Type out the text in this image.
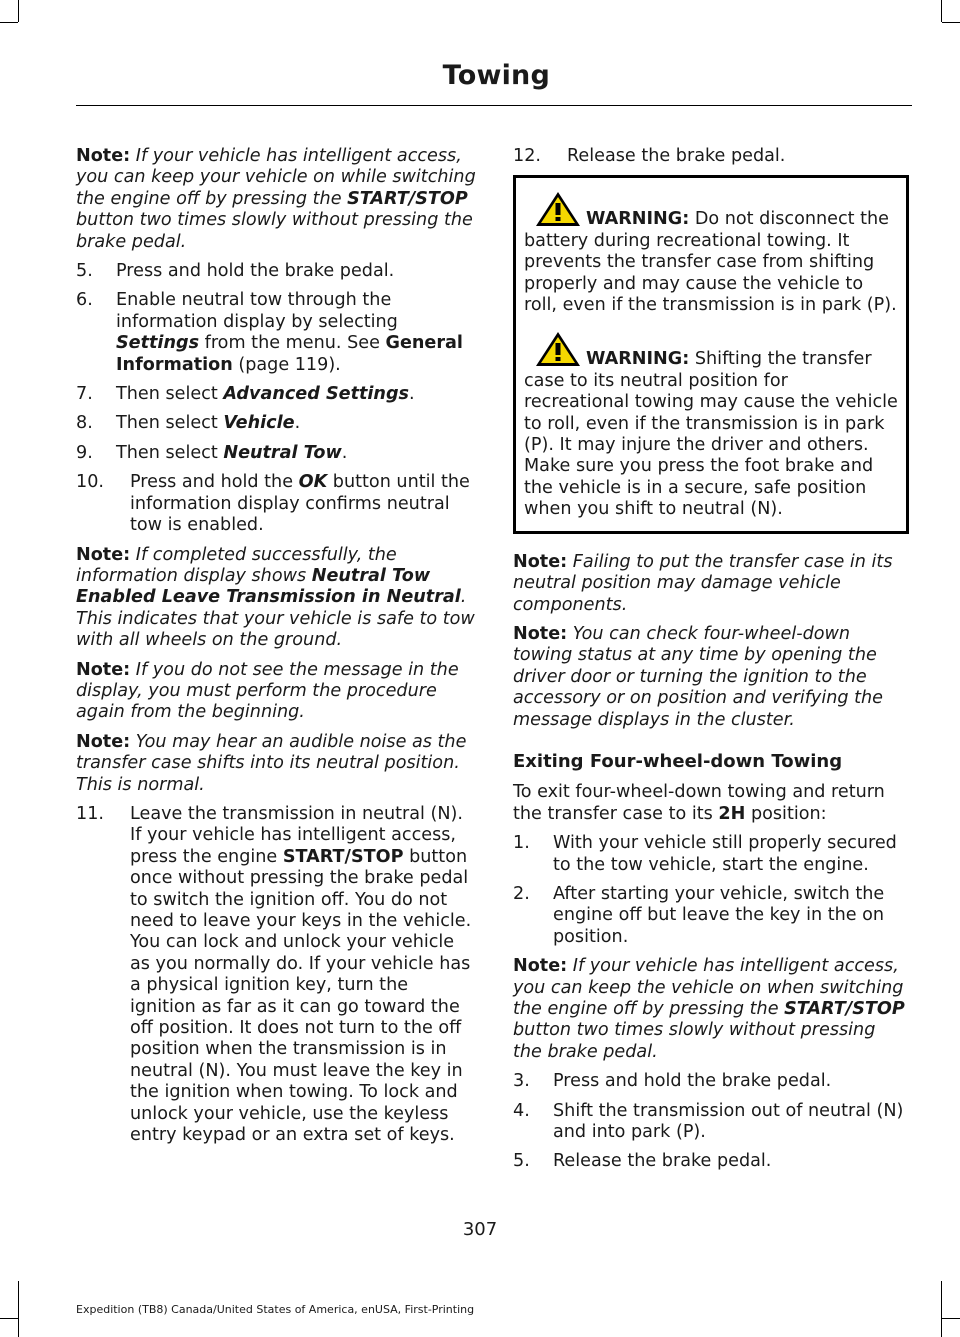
Towing

Note: If your vehicle has intelligent access, you can keep your vehicle on while switching the engine off by pressing the START/STOP button two times slowly without pressing the brake pedal.

5.	Press and hold the brake pedal.
6.	Enable neutral tow through the information display by selecting Settings from the menu. See General Information (page 119).
7.	Then select Advanced Settings.
8.	Then select Vehicle.
9.	Then select Neutral Tow.
10.	Press and hold the OK button until the information display confirms neutral tow is enabled.

Note: If completed successfully, the information display shows Neutral Tow Enabled Leave Transmission in Neutral. This indicates that your vehicle is safe to tow with all wheels on the ground.

Note: If you do not see the message in the display, you must perform the procedure again from the beginning.

Note: You may hear an audible noise as the transfer case shifts into its neutral position. This is normal.

11.	Leave the transmission in neutral (N). If your vehicle has intelligent access, press the engine START/STOP button once without pressing the brake pedal to switch the ignition off. You do not need to leave your keys in the vehicle. You can lock and unlock your vehicle as you normally do. If your vehicle has a physical ignition key, turn the ignition as far as it can go toward the off position. It does not turn to the off position when the transmission is in neutral (N). You must leave the key in the ignition when towing. To lock and unlock your vehicle, use the keyless entry keypad or an extra set of keys.
12.	Release the brake pedal.

WARNING: Do not disconnect the battery during recreational towing. It prevents the transfer case from shifting properly and may cause the vehicle to roll, even if the transmission is in park (P).

WARNING: Shifting the transfer case to its neutral position for recreational towing may cause the vehicle to roll, even if the transmission is in park (P). It may injure the driver and others. Make sure you press the foot brake and the vehicle is in a secure, safe position when you shift to neutral (N).

Note: Failing to put the transfer case in its neutral position may damage vehicle components.

Note: You can check four-wheel-down towing status at any time by opening the driver door or turning the ignition to the accessory or on position and verifying the message displays in the cluster.

Exiting Four-wheel-down Towing

To exit four-wheel-down towing and return the transfer case to its 2H position:

1.	With your vehicle still properly secured to the tow vehicle, start the engine.
2.	After starting your vehicle, switch the engine off but leave the key in the on position.

Note: If your vehicle has intelligent access, you can keep the vehicle on when switching the engine off by pressing the START/STOP button two times slowly without pressing the brake pedal.

3.	Press and hold the brake pedal.
4.	Shift the transmission out of neutral (N) and into park (P).
5.	Release the brake pedal.
307
Expedition (TB8) Canada/United States of America, enUSA, First-Printing
